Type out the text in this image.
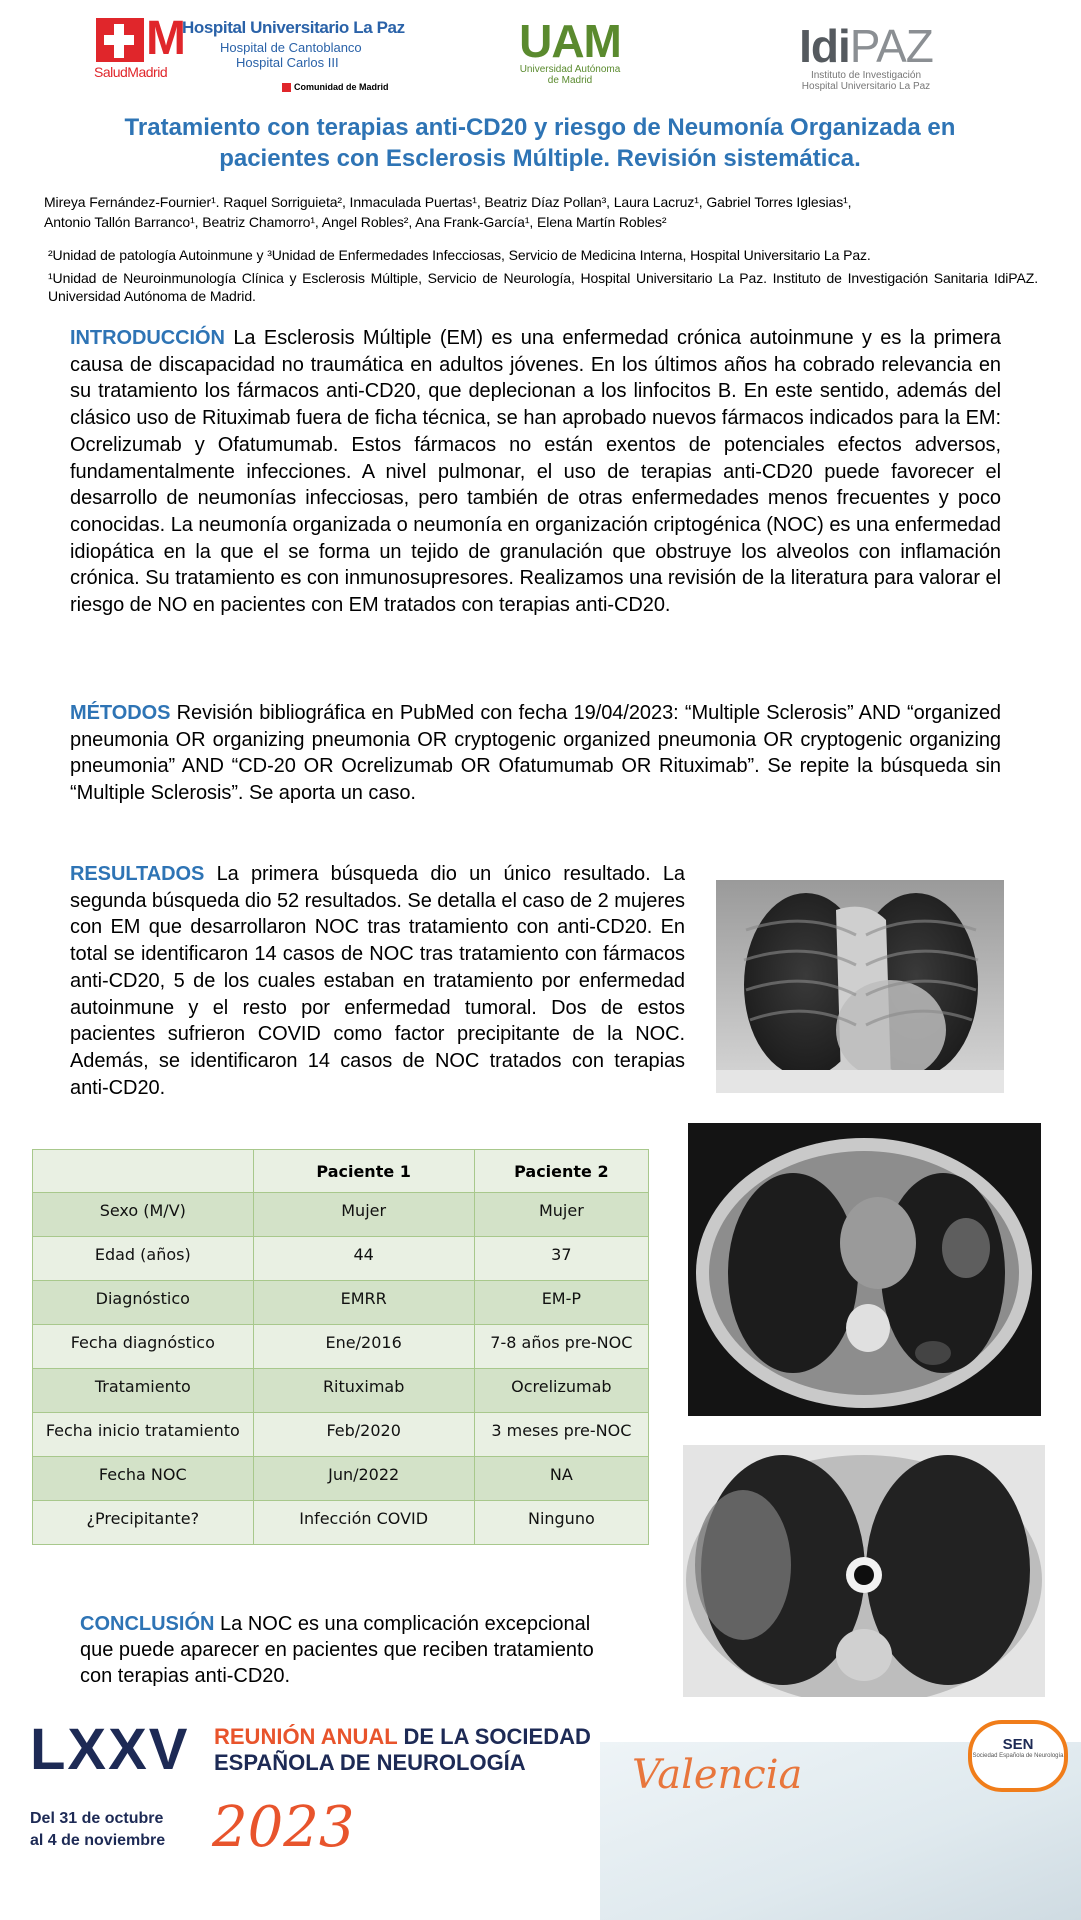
M
Hospital Universitario La Paz
Hospital de Cantoblanco
Hospital Carlos III
SaludMadrid
Comunidad de Madrid
UAM
Universidad Autónoma
de Madrid
IdiPAZ
Instituto de Investigación
Hospital Universitario La Paz
Tratamiento con terapias anti-CD20 y riesgo de Neumonía Organizada en
pacientes con Esclerosis Múltiple. Revisión sistemática.
Mireya Fernández-Fournier¹. Raquel Sorriguieta², Inmaculada Puertas¹, Beatriz Díaz Pollan³, Laura Lacruz¹, Gabriel Torres Iglesias¹,
Antonio Tallón Barranco¹, Beatriz Chamorro¹, Angel Robles², Ana Frank-García¹, Elena Martín Robles²
²Unidad de patología Autoinmune y ³Unidad de Enfermedades Infecciosas, Servicio de Medicina Interna, Hospital Universitario La Paz.
¹Unidad de Neuroinmunología Clínica y Esclerosis Múltiple, Servicio de Neurología, Hospital Universitario La Paz. Instituto de Investigación Sanitaria IdiPAZ. Universidad Autónoma de Madrid.
INTRODUCCIÓN La Esclerosis Múltiple (EM) es una enfermedad crónica autoinmune y es la primera causa de discapacidad no traumática en adultos jóvenes. En los últimos años ha cobrado relevancia en su tratamiento los fármacos anti-CD20, que deplecionan a los linfocitos B. En este sentido, además del clásico uso de Rituximab fuera de ficha técnica, se han aprobado nuevos fármacos indicados para la EM: Ocrelizumab y Ofatumumab. Estos fármacos no están exentos de potenciales efectos adversos, fundamentalmente infecciones. A nivel pulmonar, el uso de terapias anti-CD20 puede favorecer el desarrollo de neumonías infecciosas, pero también de otras enfermedades menos frecuentes y poco conocidas. La neumonía organizada o neumonía en organización criptogénica (NOC) es una enfermedad idiopática en la que el se forma un tejido de granulación que obstruye los alveolos con inflamación crónica. Su tratamiento es con inmunosupresores. Realizamos una revisión de la literatura para valorar el riesgo de NO en pacientes con EM tratados con terapias anti-CD20.
MÉTODOS Revisión bibliográfica en PubMed con fecha 19/04/2023: “Multiple Sclerosis” AND “organized pneumonia OR organizing pneumonia OR cryptogenic organized pneumonia OR cryptogenic organizing pneumonia” AND “CD-20 OR Ocrelizumab OR Ofatumumab OR Rituximab”. Se repite la búsqueda sin “Multiple Sclerosis”. Se aporta un caso.
RESULTADOS La primera búsqueda dio un único resultado. La segunda búsqueda dio 52 resultados. Se detalla el caso de 2 mujeres con EM que desarrollaron NOC tras tratamiento con anti-CD20. En total se identificaron 14 casos de NOC tras tratamiento con fármacos anti-CD20, 5 de los cuales estaban en tratamiento por enfermedad autoinmune y el resto por enfermedad tumoral. Dos de estos pacientes sufrieron COVID como factor precipitante de la NOC. Además, se identificaron 14 casos de NOC tratados con terapias anti-CD20.
	Paciente 1	Paciente 2
Sexo (M/V)	Mujer	Mujer
Edad (años)	44	37
Diagnóstico	EMRR	EM-P
Fecha diagnóstico	Ene/2016	7-8 años pre-NOC
Tratamiento	Rituximab	Ocrelizumab
Fecha inicio tratamiento	Feb/2020	3 meses pre-NOC
Fecha NOC	Jun/2022	NA
¿Precipitante?	Infección COVID	Ninguno
CONCLUSIÓN La NOC es una complicación excepcional que puede aparecer en pacientes que reciben tratamiento con terapias anti-CD20.
LXXV REUNIÓN ANUAL DE LA SOCIEDAD
ESPAÑOLA DE NEUROLOGÍA
Del 31 de octubre
al 4 de noviembre 2023
Valencia
SEN
Sociedad Española de Neurología
